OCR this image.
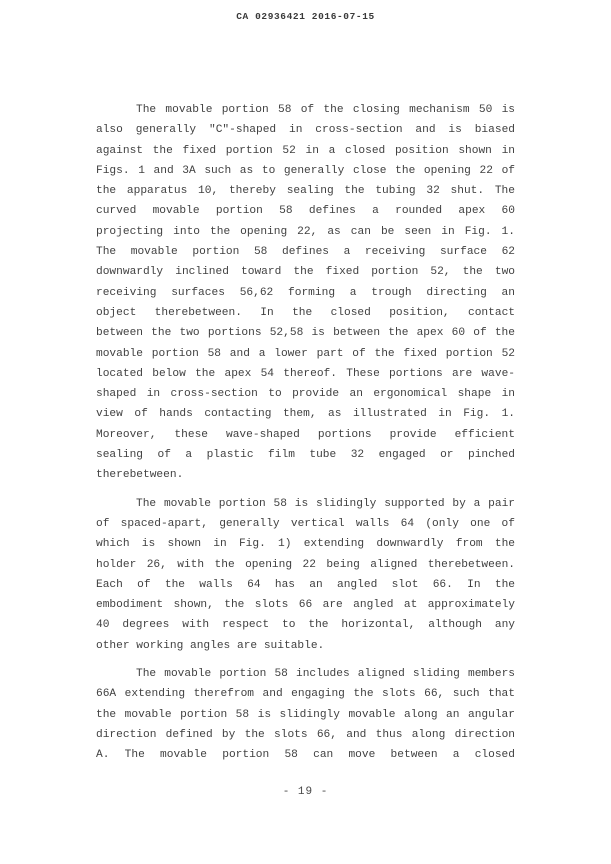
CA 02936421 2016-07-15
The movable portion 58 of the closing mechanism 50 is
also generally "C"-shaped in cross-section and is biased
against the fixed portion 52 in a closed position shown in
Figs. 1 and 3A such as to generally close the opening 22 of
the apparatus 10, thereby sealing the tubing 32 shut. The
curved movable portion 58 defines a rounded apex 60
projecting into the opening 22, as can be seen in Fig. 1.
The movable portion 58 defines a receiving surface 62
downwardly inclined toward the fixed portion 52, the two
receiving surfaces 56,62 forming a trough directing an
object therebetween. In the closed position, contact
between the two portions 52,58 is between the apex 60 of the
movable portion 58 and a lower part of the fixed portion 52
located below the apex 54 thereof. These portions are wave-
shaped in cross-section to provide an ergonomical shape in
view of hands contacting them, as illustrated in Fig. 1.
Moreover, these wave-shaped portions provide efficient
sealing of a plastic film tube 32 engaged or pinched
therebetween.
The movable portion 58 is slidingly supported by a pair
of spaced-apart, generally vertical walls 64 (only one of
which is shown in Fig. 1) extending downwardly from the
holder 26, with the opening 22 being aligned therebetween.
Each of the walls 64 has an angled slot 66. In the
embodiment shown, the slots 66 are angled at approximately
40 degrees with respect to the horizontal, although any
other working angles are suitable.
The movable portion 58 includes aligned sliding members
66A extending therefrom and engaging the slots 66, such that
the movable portion 58 is slidingly movable along an angular
direction defined by the slots 66, and thus along direction
A. The movable portion 58 can move between a closed
- 19 -
